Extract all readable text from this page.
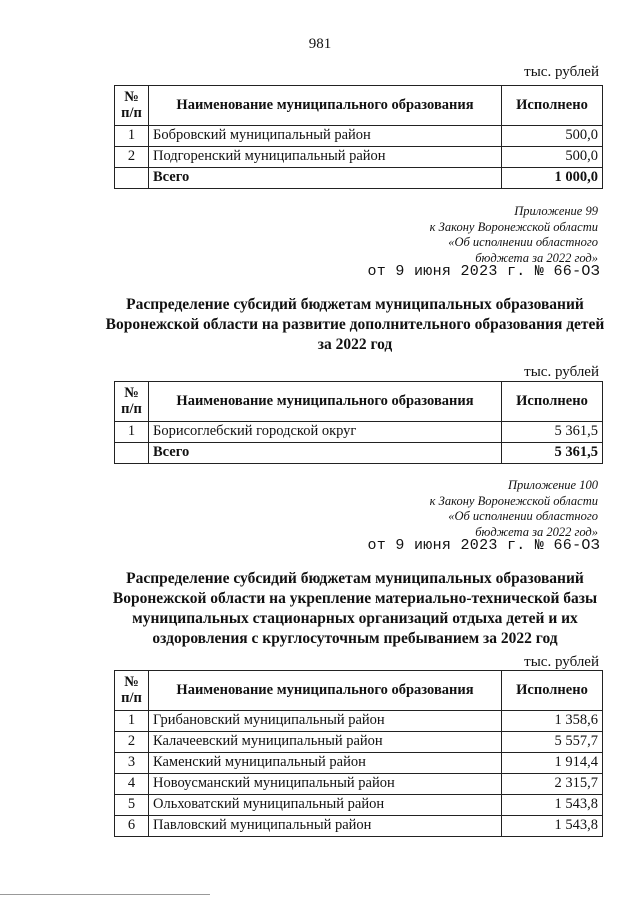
981
тыс. рублей
№ п/п	Наименование муниципального образования	Исполнено
1	Бобровский муниципальный район	500,0
2	Подгоренский муниципальный район	500,0
	Всего	1 000,0
Приложение 99
к Закону Воронежской области
«Об исполнении областного
бюджета за 2022 год»
от 9 июня 2023 г. № 66-ОЗ
Распределение субсидий бюджетам муниципальных образований
Воронежской области на развитие дополнительного образования детей
за 2022 год
тыс. рублей
№ п/п	Наименование муниципального образования	Исполнено
1	Борисоглебский городской округ	5 361,5
	Всего	5 361,5
Приложение 100
к Закону Воронежской области
«Об исполнении областного
бюджета за 2022 год»
от 9 июня 2023 г. № 66-ОЗ
Распределение субсидий бюджетам муниципальных образований
Воронежской области на укрепление материально-технической базы
муниципальных стационарных организаций отдыха детей и их
оздоровления с круглосуточным пребыванием за 2022 год
тыс. рублей
№ п/п	Наименование муниципального образования	Исполнено
1	Грибановский муниципальный район	1 358,6
2	Калачеевский муниципальный район	5 557,7
3	Каменский муниципальный район	1 914,4
4	Новоусманский муниципальный район	2 315,7
5	Ольховатский муниципальный район	1 543,8
6	Павловский муниципальный район	1 543,8
